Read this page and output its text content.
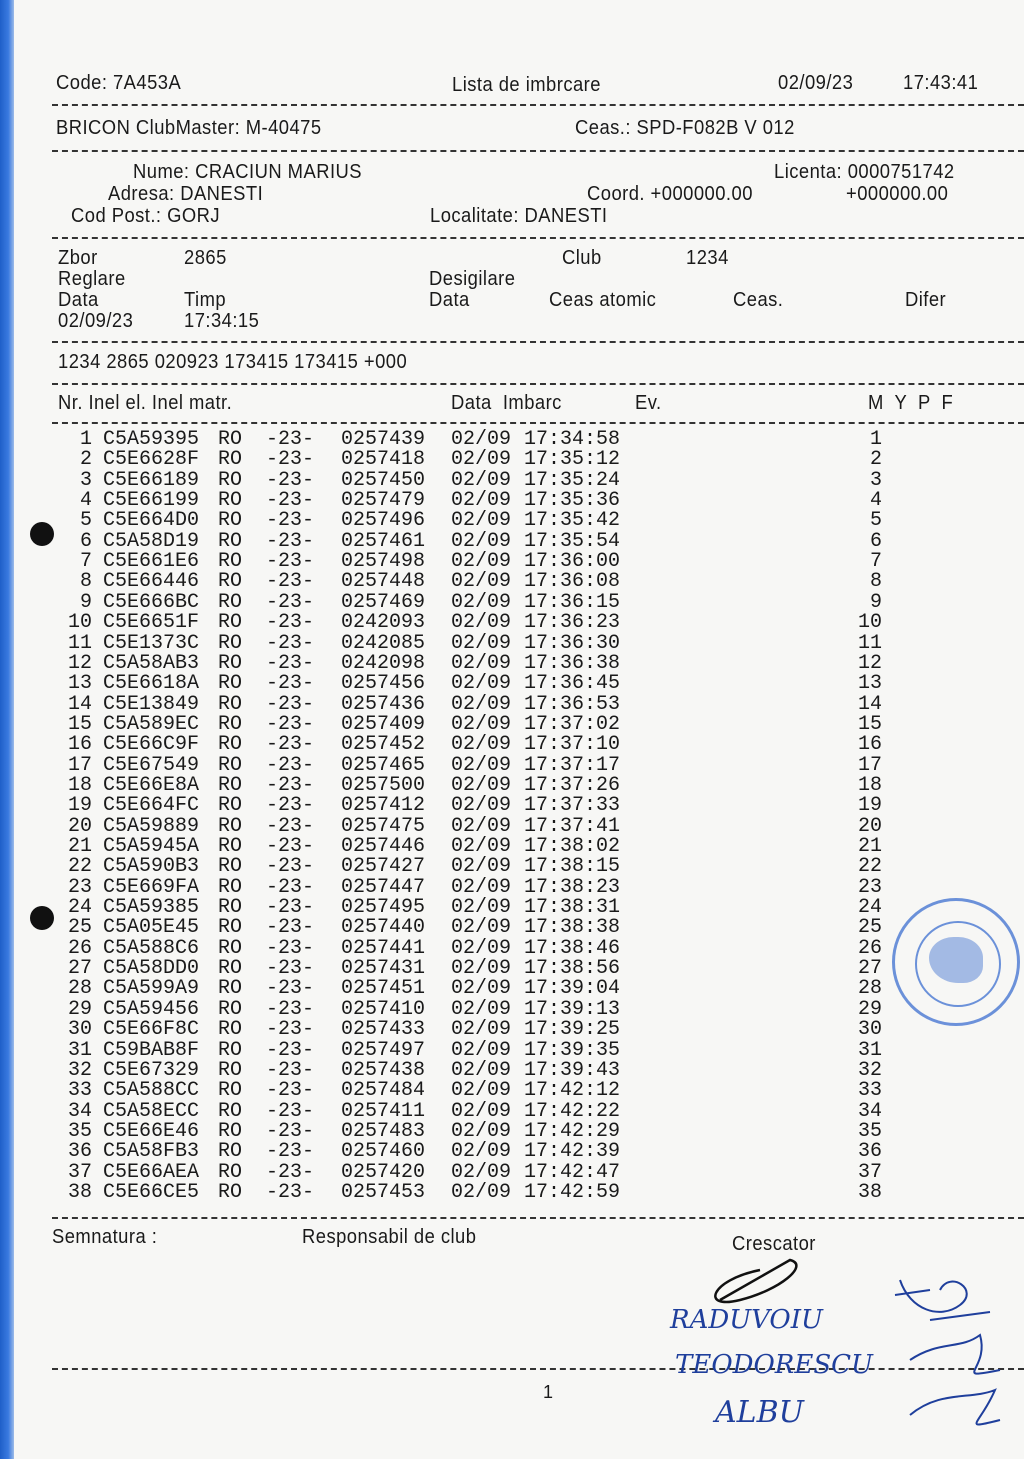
Code: 7A453A	Lista de imbrcare	02/09/23 17:43:41
BRICON ClubMaster: M-40475	Ceas.: SPD-F082B V 012
Nume: CRACIUN MARIUS	Licenta: 0000751742
Adresa: DANESTI	Coord. +000000.00	+000000.00
Cod Post.: GORJ	Localitate: DANESTI
Zbor	2865	Club	1234
Reglare	Desigilare
Data	Timp	Data	Ceas atomic	Ceas.	Difer
02/09/23	17:34:15
1234 2865 020923 173415 173415 +000
Nr. Inel el. Inel matr.	Data  Imbarc	Ev.	M Y P F
1 C5A59395 RO -23- 0257439 02/09 17:34:58	1
2 C5E6628F RO -23- 0257418 02/09 17:35:12	2
3 C5E66189 RO -23- 0257450 02/09 17:35:24	3
4 C5E66199 RO -23- 0257479 02/09 17:35:36	4
5 C5E664D0 RO -23- 0257496 02/09 17:35:42	5
6 C5A58D19 RO -23- 0257461 02/09 17:35:54	6
7 C5E661E6 RO -23- 0257498 02/09 17:36:00	7
8 C5E66446 RO -23- 0257448 02/09 17:36:08	8
9 C5E666BC RO -23- 0257469 02/09 17:36:15	9
10 C5E6651F RO -23- 0242093 02/09 17:36:23	10
11 C5E1373C RO -23- 0242085 02/09 17:36:30	11
12 C5A58AB3 RO -23- 0242098 02/09 17:36:38	12
13 C5E6618A RO -23- 0257456 02/09 17:36:45	13
14 C5E13849 RO -23- 0257436 02/09 17:36:53	14
15 C5A589EC RO -23- 0257409 02/09 17:37:02	15
16 C5E66C9F RO -23- 0257452 02/09 17:37:10	16
17 C5E67549 RO -23- 0257465 02/09 17:37:17	17
18 C5E66E8A RO -23- 0257500 02/09 17:37:26	18
19 C5E664FC RO -23- 0257412 02/09 17:37:33	19
20 C5A59889 RO -23- 0257475 02/09 17:37:41	20
21 C5A5945A RO -23- 0257446 02/09 17:38:02	21
22 C5A590B3 RO -23- 0257427 02/09 17:38:15	22
23 C5E669FA RO -23- 0257447 02/09 17:38:23	23
24 C5A59385 RO -23- 0257495 02/09 17:38:31	24
25 C5A05E45 RO -23- 0257440 02/09 17:38:38	25
26 C5A588C6 RO -23- 0257441 02/09 17:38:46	26
27 C5A58DD0 RO -23- 0257431 02/09 17:38:56	27
28 C5A599A9 RO -23- 0257451 02/09 17:39:04	28
29 C5A59456 RO -23- 0257410 02/09 17:39:13	29
30 C5E66F8C RO -23- 0257433 02/09 17:39:25	30
31 C59BAB8F RO -23- 0257497 02/09 17:39:35	31
32 C5E67329 RO -23- 0257438 02/09 17:39:43	32
33 C5A588CC RO -23- 0257484 02/09 17:42:12	33
34 C5A58ECC RO -23- 0257411 02/09 17:42:22	34
35 C5E66E46 RO -23- 0257483 02/09 17:42:29	35
36 C5A58FB3 RO -23- 0257460 02/09 17:42:39	36
37 C5E66AEA RO -23- 0257420 02/09 17:42:47	37
38 C5E66CE5 RO -23- 0257453 02/09 17:42:59	38
Semnatura :	Responsabil de club	Crescator
1
RADUVOIU
TEODORESCU
ALBU
